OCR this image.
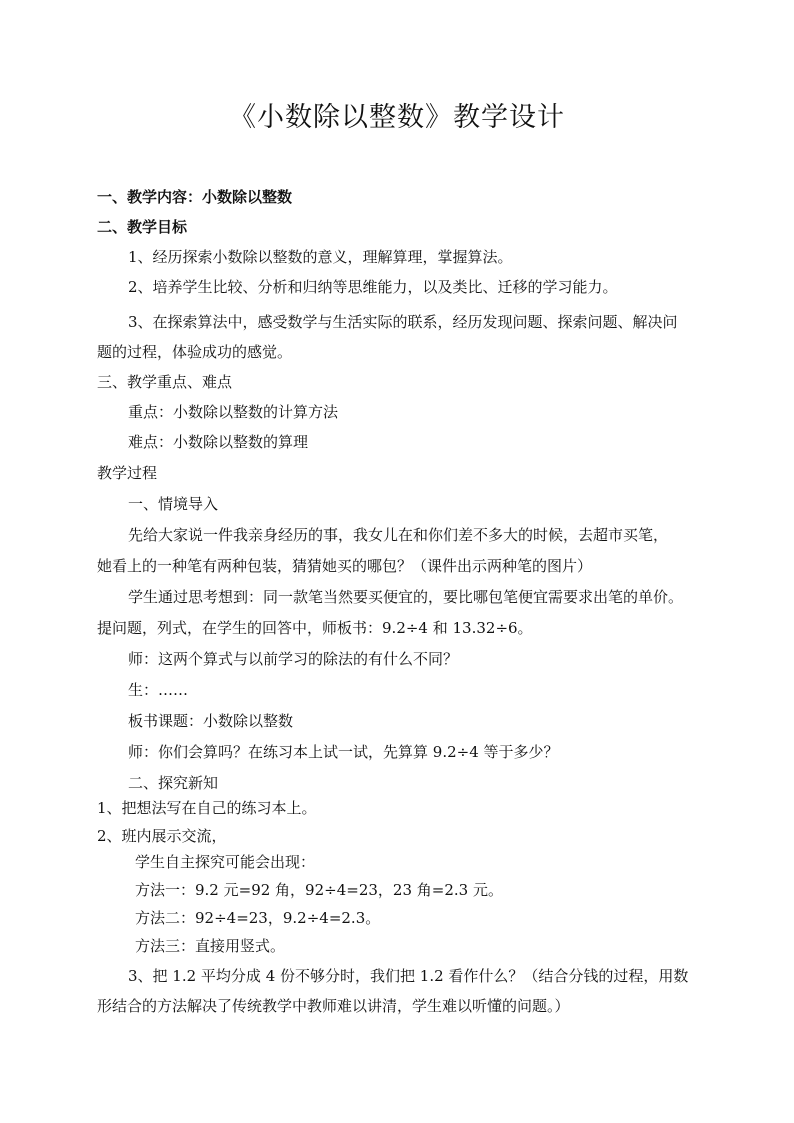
《小数除以整数》教学设计
一、教学内容：小数除以整数
二、教学目标
1、经历探索小数除以整数的意义，理解算理，掌握算法。
2、培养学生比较、分析和归纳等思维能力，以及类比、迁移的学习能力。
3、在探索算法中，感受数学与生活实际的联系，经历发现问题、探索问题、解决问
题的过程，体验成功的感觉。
三、教学重点、难点
重点：小数除以整数的计算方法
难点：小数除以整数的算理
教学过程
一、情境导入
先给大家说一件我亲身经历的事，我女儿在和你们差不多大的时候，去超市买笔，
她看上的一种笔有两种包装，猜猜她买的哪包？（课件出示两种笔的图片）
学生通过思考想到：同一款笔当然要买便宜的，要比哪包笔便宜需要求出笔的单价。
提问题，列式，在学生的回答中，师板书：9.2÷4 和 13.32÷6。
师：这两个算式与以前学习的除法的有什么不同？
生：……
板书课题：小数除以整数
师：你们会算吗？在练习本上试一试，先算算 9.2÷4 等于多少？
二、探究新知
1、把想法写在自己的练习本上。
2、班内展示交流，
学生自主探究可能会出现：
方法一：9.2 元=92 角，92÷4=23，23 角=2.3 元。
方法二：92÷4=23，9.2÷4=2.3。
方法三：直接用竖式。
3、把 1.2 平均分成 4 份不够分时，我们把 1.2 看作什么？（结合分钱的过程，用数
形结合的方法解决了传统教学中教师难以讲清，学生难以听懂的问题。）
